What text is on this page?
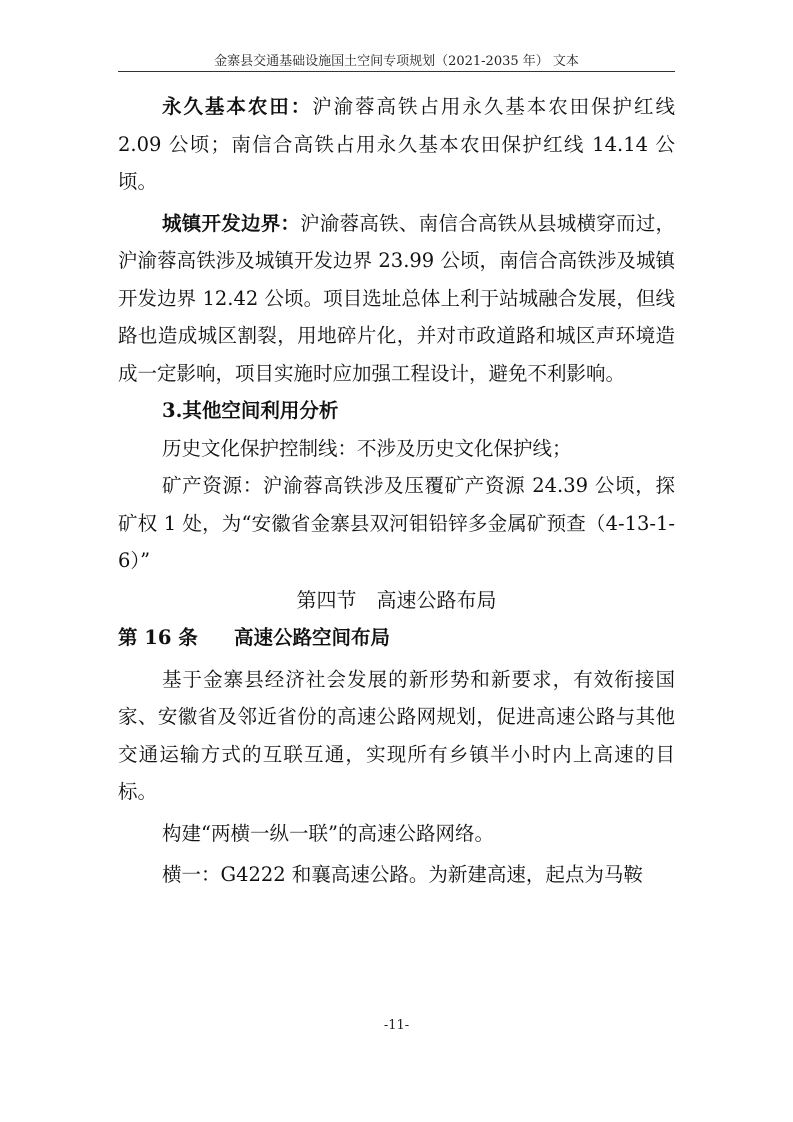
金寨县交通基础设施国土空间专项规划（2021-2035 年） 文本

永久基本农田：沪渝蓉高铁占用永久基本农田保护红线 2.09 公顷；南信合高铁占用永久基本农田保护红线 14.14 公顷。

城镇开发边界：沪渝蓉高铁、南信合高铁从县城横穿而过，沪渝蓉高铁涉及城镇开发边界 23.99 公顷，南信合高铁涉及城镇开发边界 12.42 公顷。项目选址总体上利于站城融合发展，但线路也造成城区割裂，用地碎片化，并对市政道路和城区声环境造成一定影响，项目实施时应加强工程设计，避免不利影响。

3.其他空间利用分析

历史文化保护控制线：不涉及历史文化保护线；

矿产资源：沪渝蓉高铁涉及压覆矿产资源 24.39 公顷，探矿权 1 处，为“安徽省金寨县双河钼铅锌多金属矿预查（4-13-1-6）”

第四节　高速公路布局

第 16 条 高速公路空间布局

基于金寨县经济社会发展的新形势和新要求，有效衔接国家、安徽省及邻近省份的高速公路网规划，促进高速公路与其他交通运输方式的互联互通，实现所有乡镇半小时内上高速的目标。

构建“两横一纵一联”的高速公路网络。

横一：G4222 和襄高速公路。为新建高速，起点为马鞍

-11-
